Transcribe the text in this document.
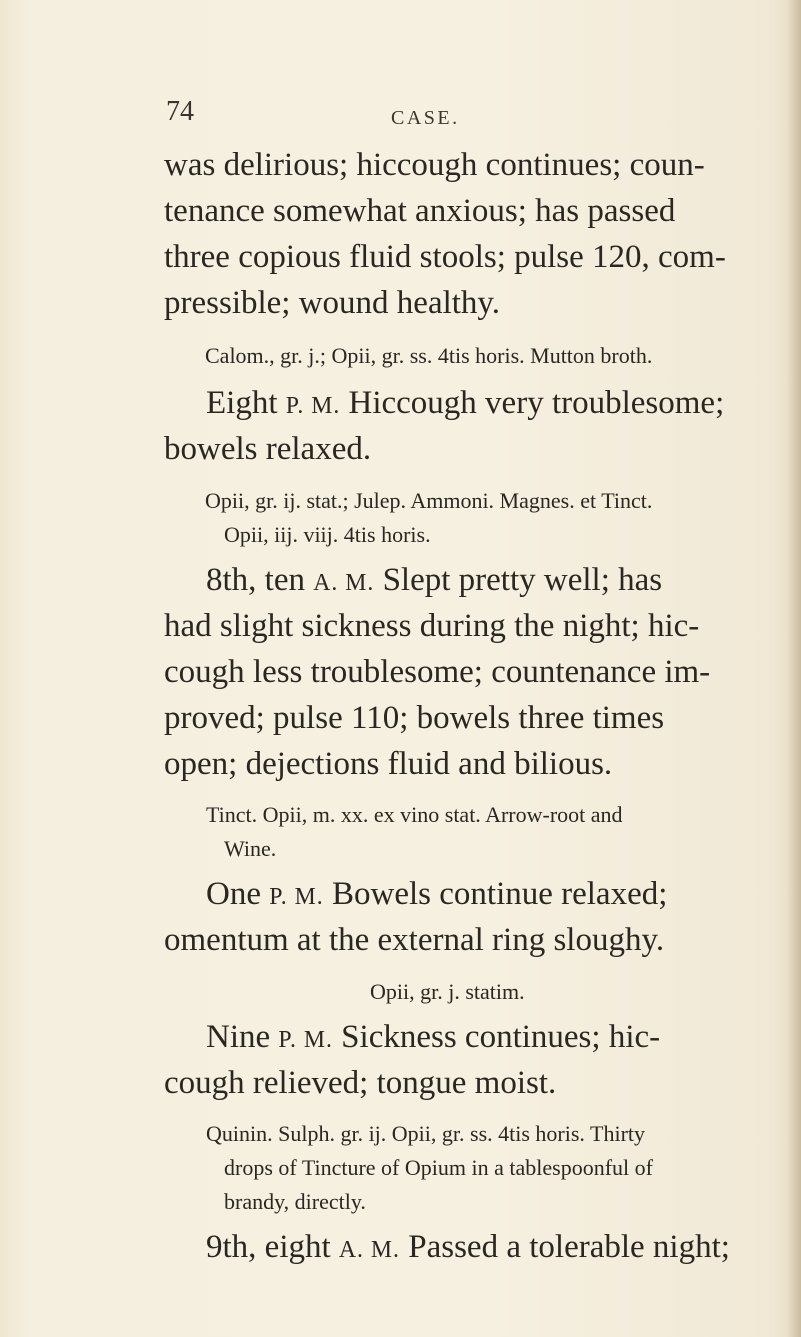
74	CASE.
was delirious; hiccough continues; coun-
tenance somewhat anxious; has passed
three copious fluid stools; pulse 120, com-
pressible; wound healthy.
Calom., gr. j.; Opii, gr. ss. 4tis horis. Mutton broth.
Eight P. M. Hiccough very troublesome;
bowels relaxed.
Opii, gr. ij. stat.; Julep. Ammoni. Magnes. et Tinct.
Opii, iij. viij. 4tis horis.
8th, ten A. M. Slept pretty well; has
had slight sickness during the night; hic-
cough less troublesome; countenance im-
proved; pulse 110; bowels three times
open; dejections fluid and bilious.
Tinct. Opii, m. xx. ex vino stat. Arrow-root and
Wine.
One P. M. Bowels continue relaxed;
omentum at the external ring sloughy.
Opii, gr. j. statim.
Nine P. M. Sickness continues; hic-
cough relieved; tongue moist.
Quinin. Sulph. gr. ij. Opii, gr. ss. 4tis horis. Thirty
drops of Tincture of Opium in a tablespoonful of
brandy, directly.
9th, eight A. M. Passed a tolerable night;
